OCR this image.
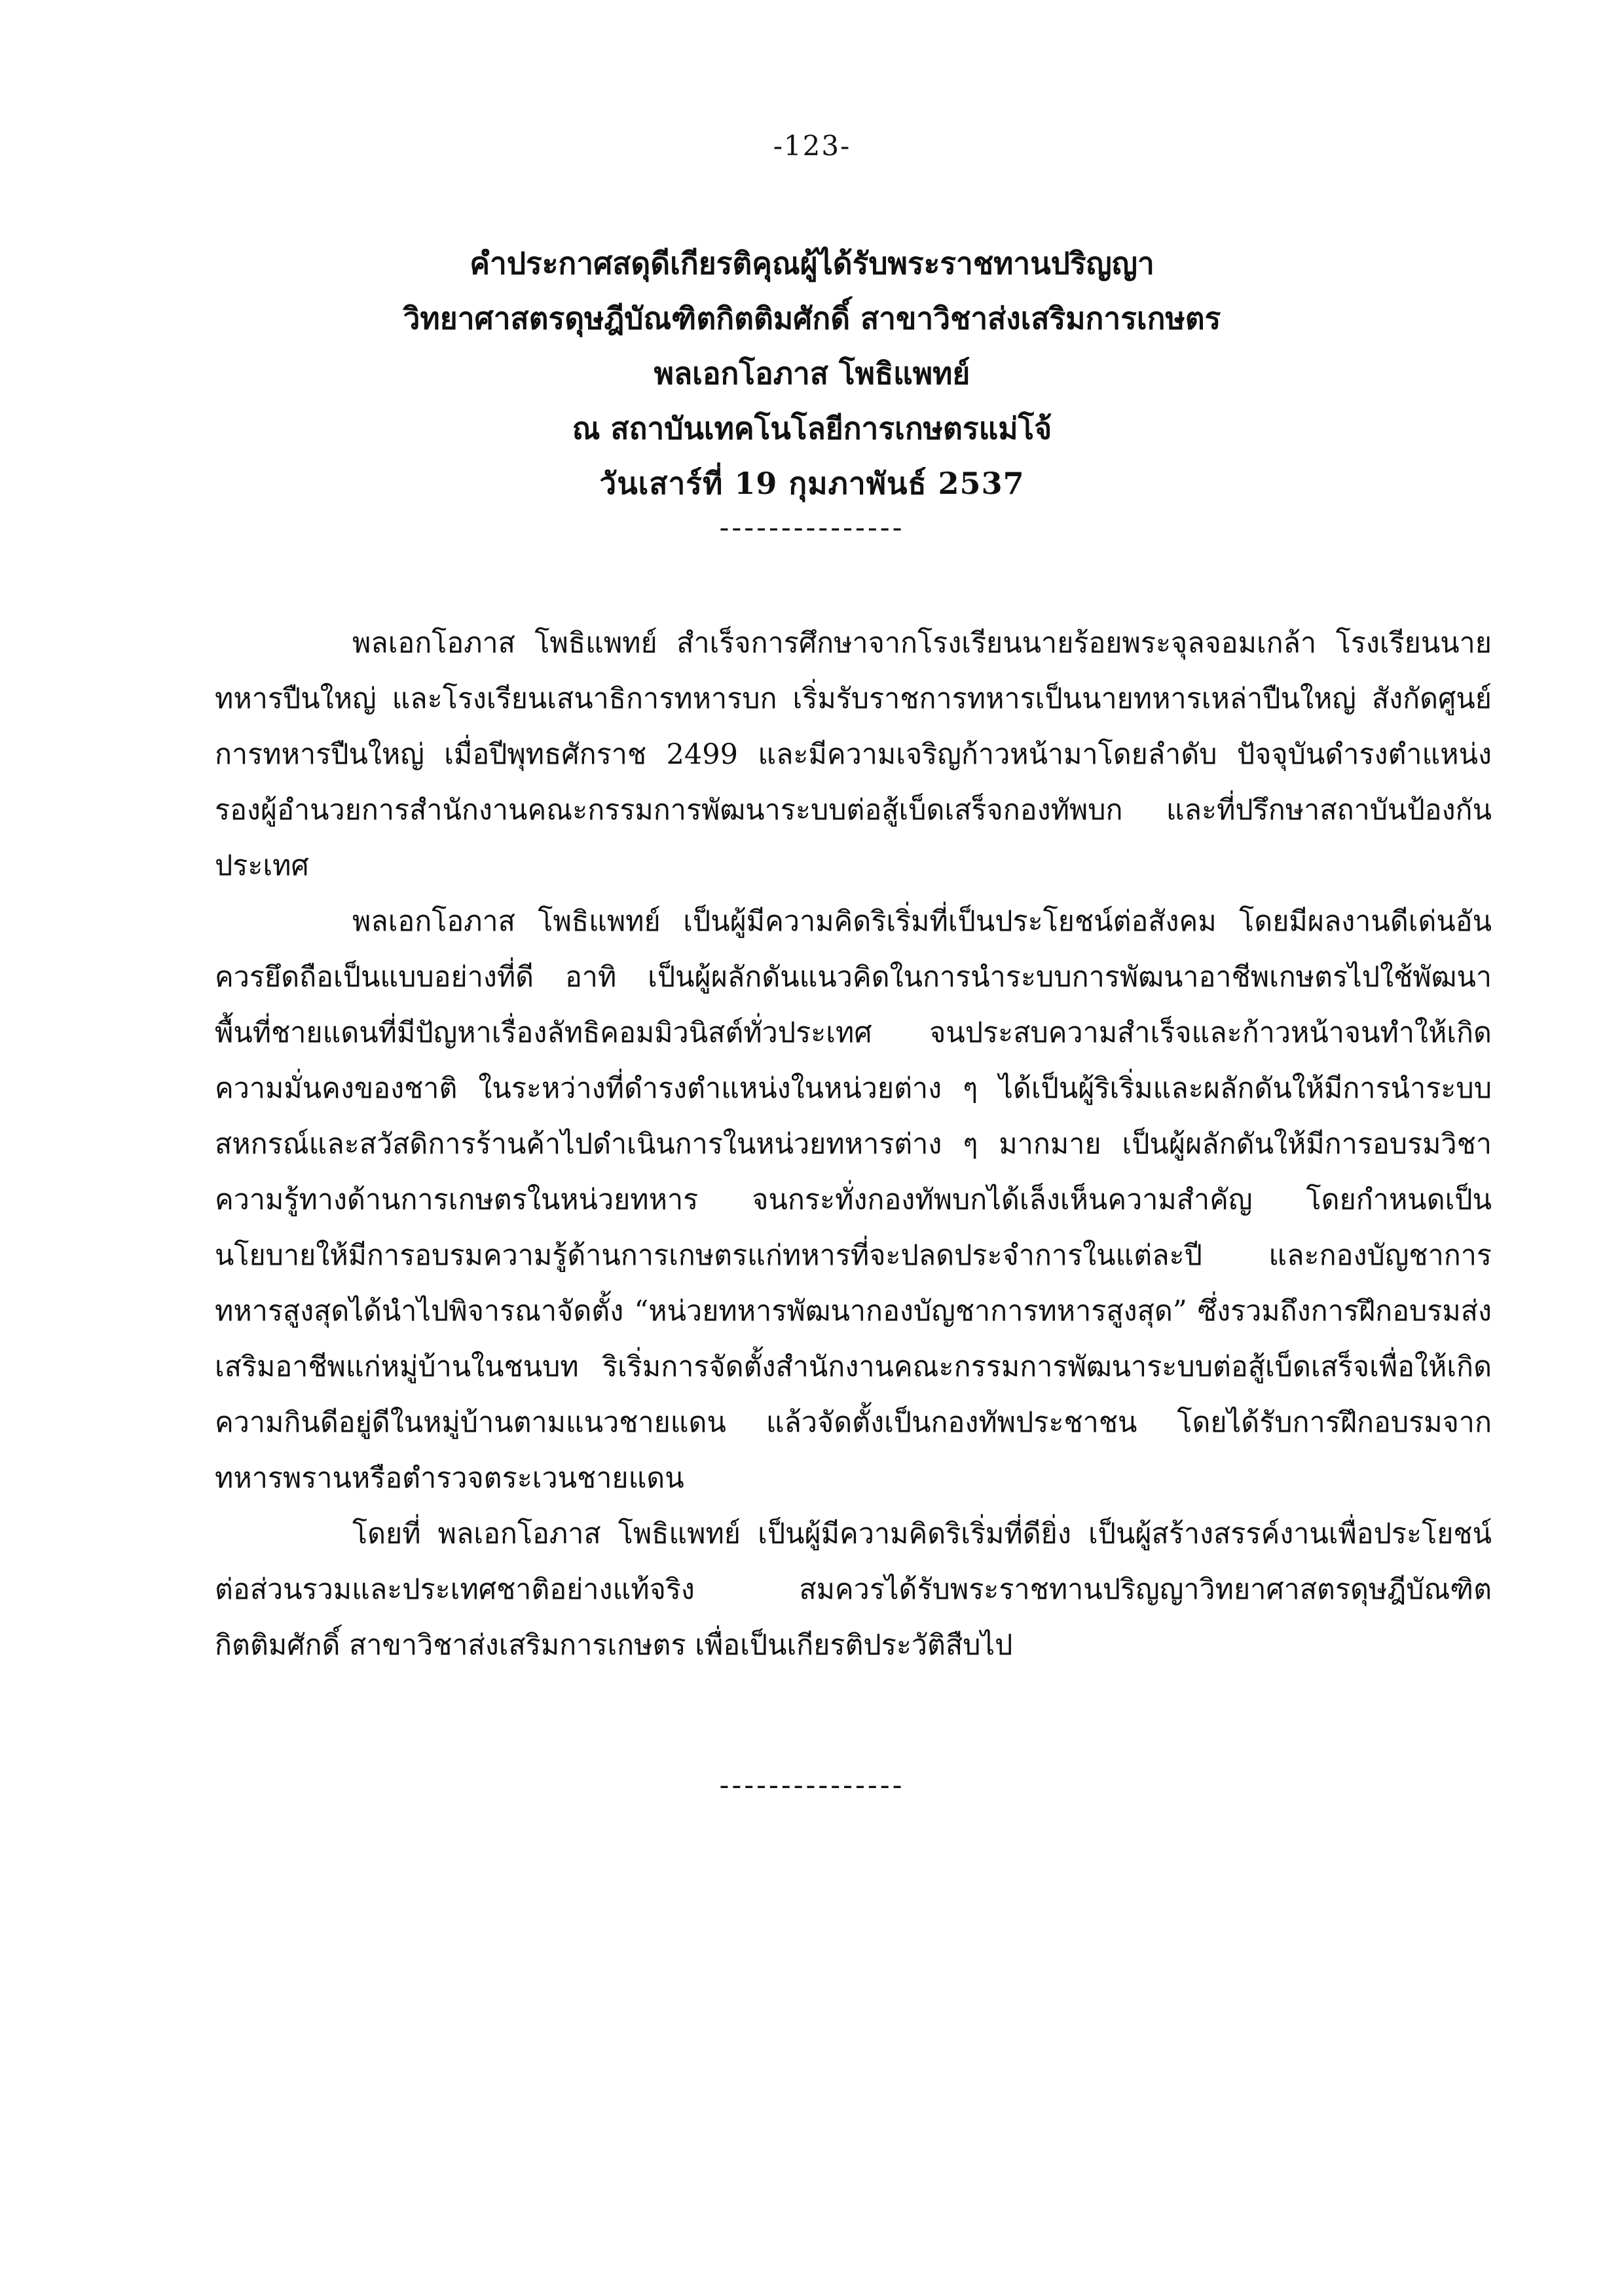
-123-
คำประกาศสดุดีเกียรติคุณผู้ได้รับพระราชทานปริญญา
วิทยาศาสตรดุษฎีบัณฑิตกิตติมศักดิ์ สาขาวิชาส่งเสริมการเกษตร
พลเอกโอภาส โพธิแพทย์
ณ สถาบันเทคโนโลยีการเกษตรแม่โจ้
วันเสาร์ที่ 19 กุมภาพันธ์ 2537
---------------

พลเอกโอภาส โพธิแพทย์ สำเร็จการศึกษาจากโรงเรียนนายร้อยพระจุลจอมเกล้า โรงเรียนนายทหารปืนใหญ่ และโรงเรียนเสนาธิการทหารบก เริ่มรับราชการทหารเป็นนายทหารเหล่าปืนใหญ่ สังกัดศูนย์การทหารปืนใหญ่ เมื่อปีพุทธศักราช 2499 และมีความเจริญก้าวหน้ามาโดยลำดับ ปัจจุบันดำรงตำแหน่งรองผู้อำนวยการสำนักงานคณะกรรมการพัฒนาระบบต่อสู้เบ็ดเสร็จกองทัพบก และที่ปรึกษาสถาบันป้องกันประเทศ

พลเอกโอภาส โพธิแพทย์ เป็นผู้มีความคิดริเริ่มที่เป็นประโยชน์ต่อสังคม โดยมีผลงานดีเด่นอันควรยึดถือเป็นแบบอย่างที่ดี อาทิ เป็นผู้ผลักดันแนวคิดในการนำระบบการพัฒนาอาชีพเกษตรไปใช้พัฒนาพื้นที่ชายแดนที่มีปัญหาเรื่องลัทธิคอมมิวนิสต์ทั่วประเทศ จนประสบความสำเร็จและก้าวหน้าจนทำให้เกิดความมั่นคงของชาติ ในระหว่างที่ดำรงตำแหน่งในหน่วยต่าง ๆ ได้เป็นผู้ริเริ่มและผลักดันให้มีการนำระบบสหกรณ์และสวัสดิการร้านค้าไปดำเนินการในหน่วยทหารต่าง ๆ มากมาย เป็นผู้ผลักดันให้มีการอบรมวิชาความรู้ทางด้านการเกษตรในหน่วยทหาร จนกระทั่งกองทัพบกได้เล็งเห็นความสำคัญ โดยกำหนดเป็นนโยบายให้มีการอบรมความรู้ด้านการเกษตรแก่ทหารที่จะปลดประจำการในแต่ละปี และกองบัญชาการทหารสูงสุดได้นำไปพิจารณาจัดตั้ง “หน่วยทหารพัฒนากองบัญชาการทหารสูงสุด” ซึ่งรวมถึงการฝึกอบรมส่งเสริมอาชีพแก่หมู่บ้านในชนบท ริเริ่มการจัดตั้งสำนักงานคณะกรรมการพัฒนาระบบต่อสู้เบ็ดเสร็จเพื่อให้เกิดความกินดีอยู่ดีในหมู่บ้านตามแนวชายแดน แล้วจัดตั้งเป็นกองทัพประชาชน โดยได้รับการฝึกอบรมจากทหารพรานหรือตำรวจตระเวนชายแดน

โดยที่ พลเอกโอภาส โพธิแพทย์ เป็นผู้มีความคิดริเริ่มที่ดียิ่ง เป็นผู้สร้างสรรค์งานเพื่อประโยชน์ต่อส่วนรวมและประเทศชาติอย่างแท้จริง สมควรได้รับพระราชทานปริญญาวิทยาศาสตรดุษฎีบัณฑิตกิตติมศักดิ์ สาขาวิชาส่งเสริมการเกษตร เพื่อเป็นเกียรติประวัติสืบไป

---------------
